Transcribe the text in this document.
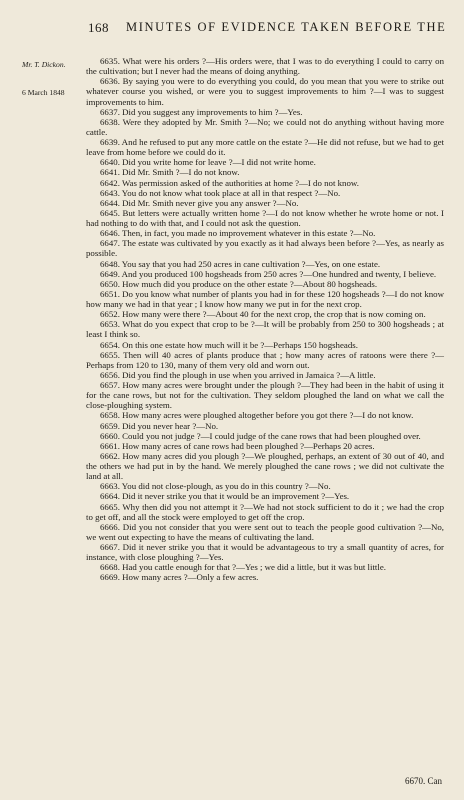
168 MINUTES OF EVIDENCE TAKEN BEFORE THE
Mr. T. Dickon.
6 March 1848

6635. What were his orders ?—His orders were, that I was to do everything I could to carry on the cultivation; but I never had the means of doing anything.

6636. By saying you were to do everything you could, do you mean that you were to strike out whatever course you wished, or were you to suggest improvements to him ?—I was to suggest improvements to him.

6637. Did you suggest any improvements to him ?—Yes.

6638. Were they adopted by Mr. Smith ?—No; we could not do anything without having more cattle.

6639. And he refused to put any more cattle on the estate ?—He did not refuse, but we had to get leave from home before we could do it.

6640. Did you write home for leave ?—I did not write home.

6641. Did Mr. Smith ?—I do not know.

6642. Was permission asked of the authorities at home ?—I do not know.

6643. You do not know what took place at all in that respect ?—No.

6644. Did Mr. Smith never give you any answer ?—No.

6645. But letters were actually written home ?—I do not know whether he wrote home or not. I had nothing to do with that, and I could not ask the question.

6646. Then, in fact, you made no improvement whatever in this estate ?—No.

6647. The estate was cultivated by you exactly as it had always been before ?—Yes, as nearly as possible.

6648. You say that you had 250 acres in cane cultivation ?—Yes, on one estate.

6649. And you produced 100 hogsheads from 250 acres ?—One hundred and twenty, I believe.

6650. How much did you produce on the other estate ?—About 80 hogsheads.

6651. Do you know what number of plants you had in for these 120 hogsheads ?—I do not know how many we had in that year ; I know how many we put in for the next crop.

6652. How many were there ?—About 40 for the next crop, the crop that is now coming on.

6653. What do you expect that crop to be ?—It will be probably from 250 to 300 hogsheads ; at least I think so.

6654. On this one estate how much will it be ?—Perhaps 150 hogsheads.

6655. Then will 40 acres of plants produce that ; how many acres of ratoons were there ?—Perhaps from 120 to 130, many of them very old and worn out.

6656. Did you find the plough in use when you arrived in Jamaica ?—A little.

6657. How many acres were brought under the plough ?—They had been in the habit of using it for the cane rows, but not for the cultivation. They seldom ploughed the land on what we call the close-ploughing system.

6658. How many acres were ploughed altogether before you got there ?—I do not know.

6659. Did you never hear ?—No.

6660. Could you not judge ?—I could judge of the cane rows that had been ploughed over.

6661. How many acres of cane rows had been ploughed ?—Perhaps 20 acres.

6662. How many acres did you plough ?—We ploughed, perhaps, an extent of 30 out of 40, and the others we had put in by the hand. We merely ploughed the cane rows ; we did not cultivate the land at all.

6663. You did not close-plough, as you do in this country ?—No.

6664. Did it never strike you that it would be an improvement ?—Yes.

6665. Why then did you not attempt it ?—We had not stock sufficient to do it ; we had the crop to get off, and all the stock were employed to get off the crop.

6666. Did you not consider that you were sent out to teach the people good cultivation ?—No, we went out expecting to have the means of cultivating the land.

6667. Did it never strike you that it would be advantageous to try a small quantity of acres, for instance, with close ploughing ?—Yes.

6668. Had you cattle enough for that ?—Yes ; we did a little, but it was but little.

6669. How many acres ?—Only a few acres.

6670. Can
